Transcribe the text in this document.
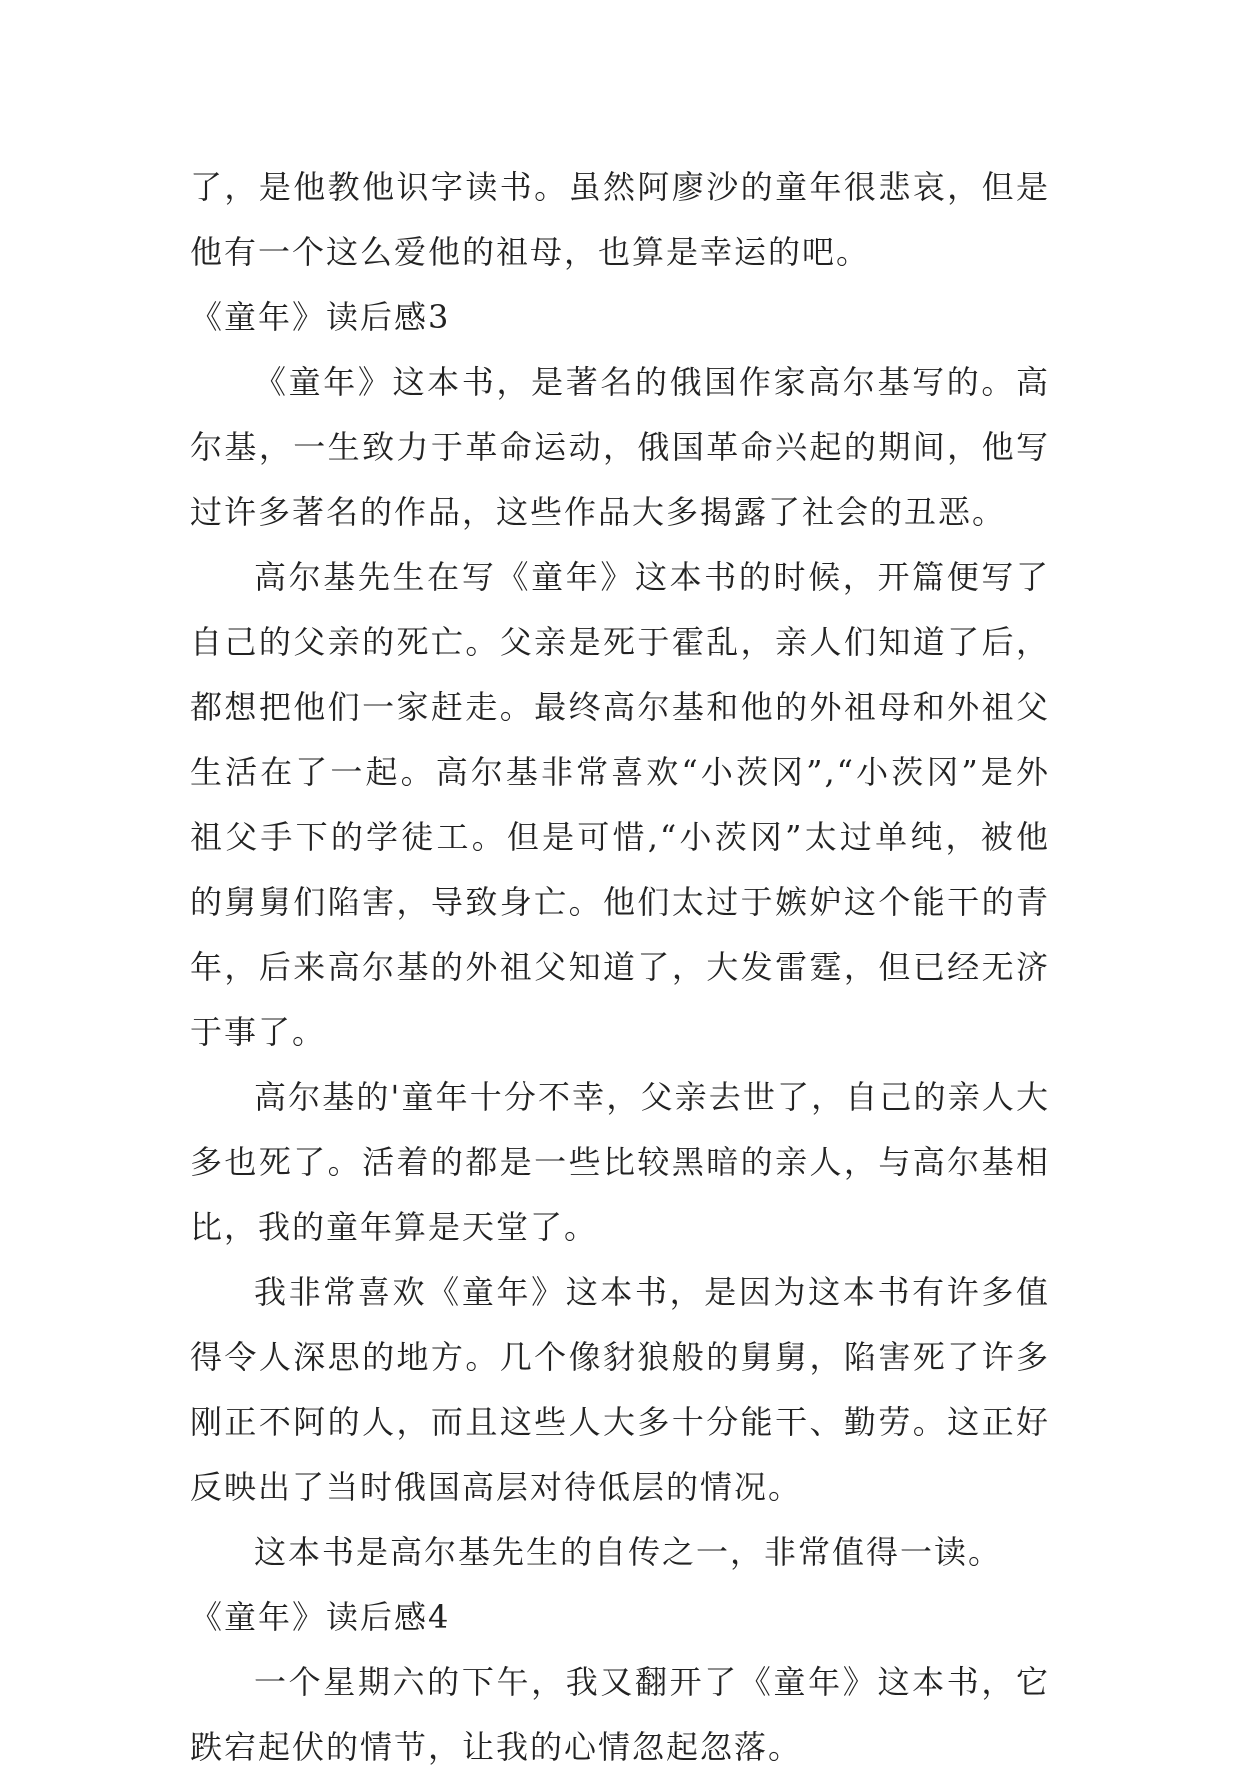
了，是他教他识字读书。虽然阿廖沙的童年很悲哀，但是他有一个这么爱他的祖母，也算是幸运的吧。

《童年》读后感3

《童年》这本书，是著名的俄国作家高尔基写的。高尔基，一生致力于革命运动，俄国革命兴起的期间，他写过许多著名的作品，这些作品大多揭露了社会的丑恶。

高尔基先生在写《童年》这本书的时候，开篇便写了自己的父亲的死亡。父亲是死于霍乱，亲人们知道了后，都想把他们一家赶走。最终高尔基和他的外祖母和外祖父生活在了一起。高尔基非常喜欢“小茨冈”,“小茨冈”是外祖父手下的学徒工。但是可惜,“小茨冈”太过单纯，被他的舅舅们陷害，导致身亡。他们太过于嫉妒这个能干的青年，后来高尔基的外祖父知道了，大发雷霆，但已经无济于事了。

高尔基的'童年十分不幸，父亲去世了，自己的亲人大多也死了。活着的都是一些比较黑暗的亲人，与高尔基相比，我的童年算是天堂了。

我非常喜欢《童年》这本书，是因为这本书有许多值得令人深思的地方。几个像豺狼般的舅舅，陷害死了许多刚正不阿的人，而且这些人大多十分能干、勤劳。这正好反映出了当时俄国高层对待低层的情况。

这本书是高尔基先生的自传之一，非常值得一读。

《童年》读后感4

一个星期六的下午，我又翻开了《童年》这本书，它跌宕起伏的情节，让我的心情忽起忽落。
